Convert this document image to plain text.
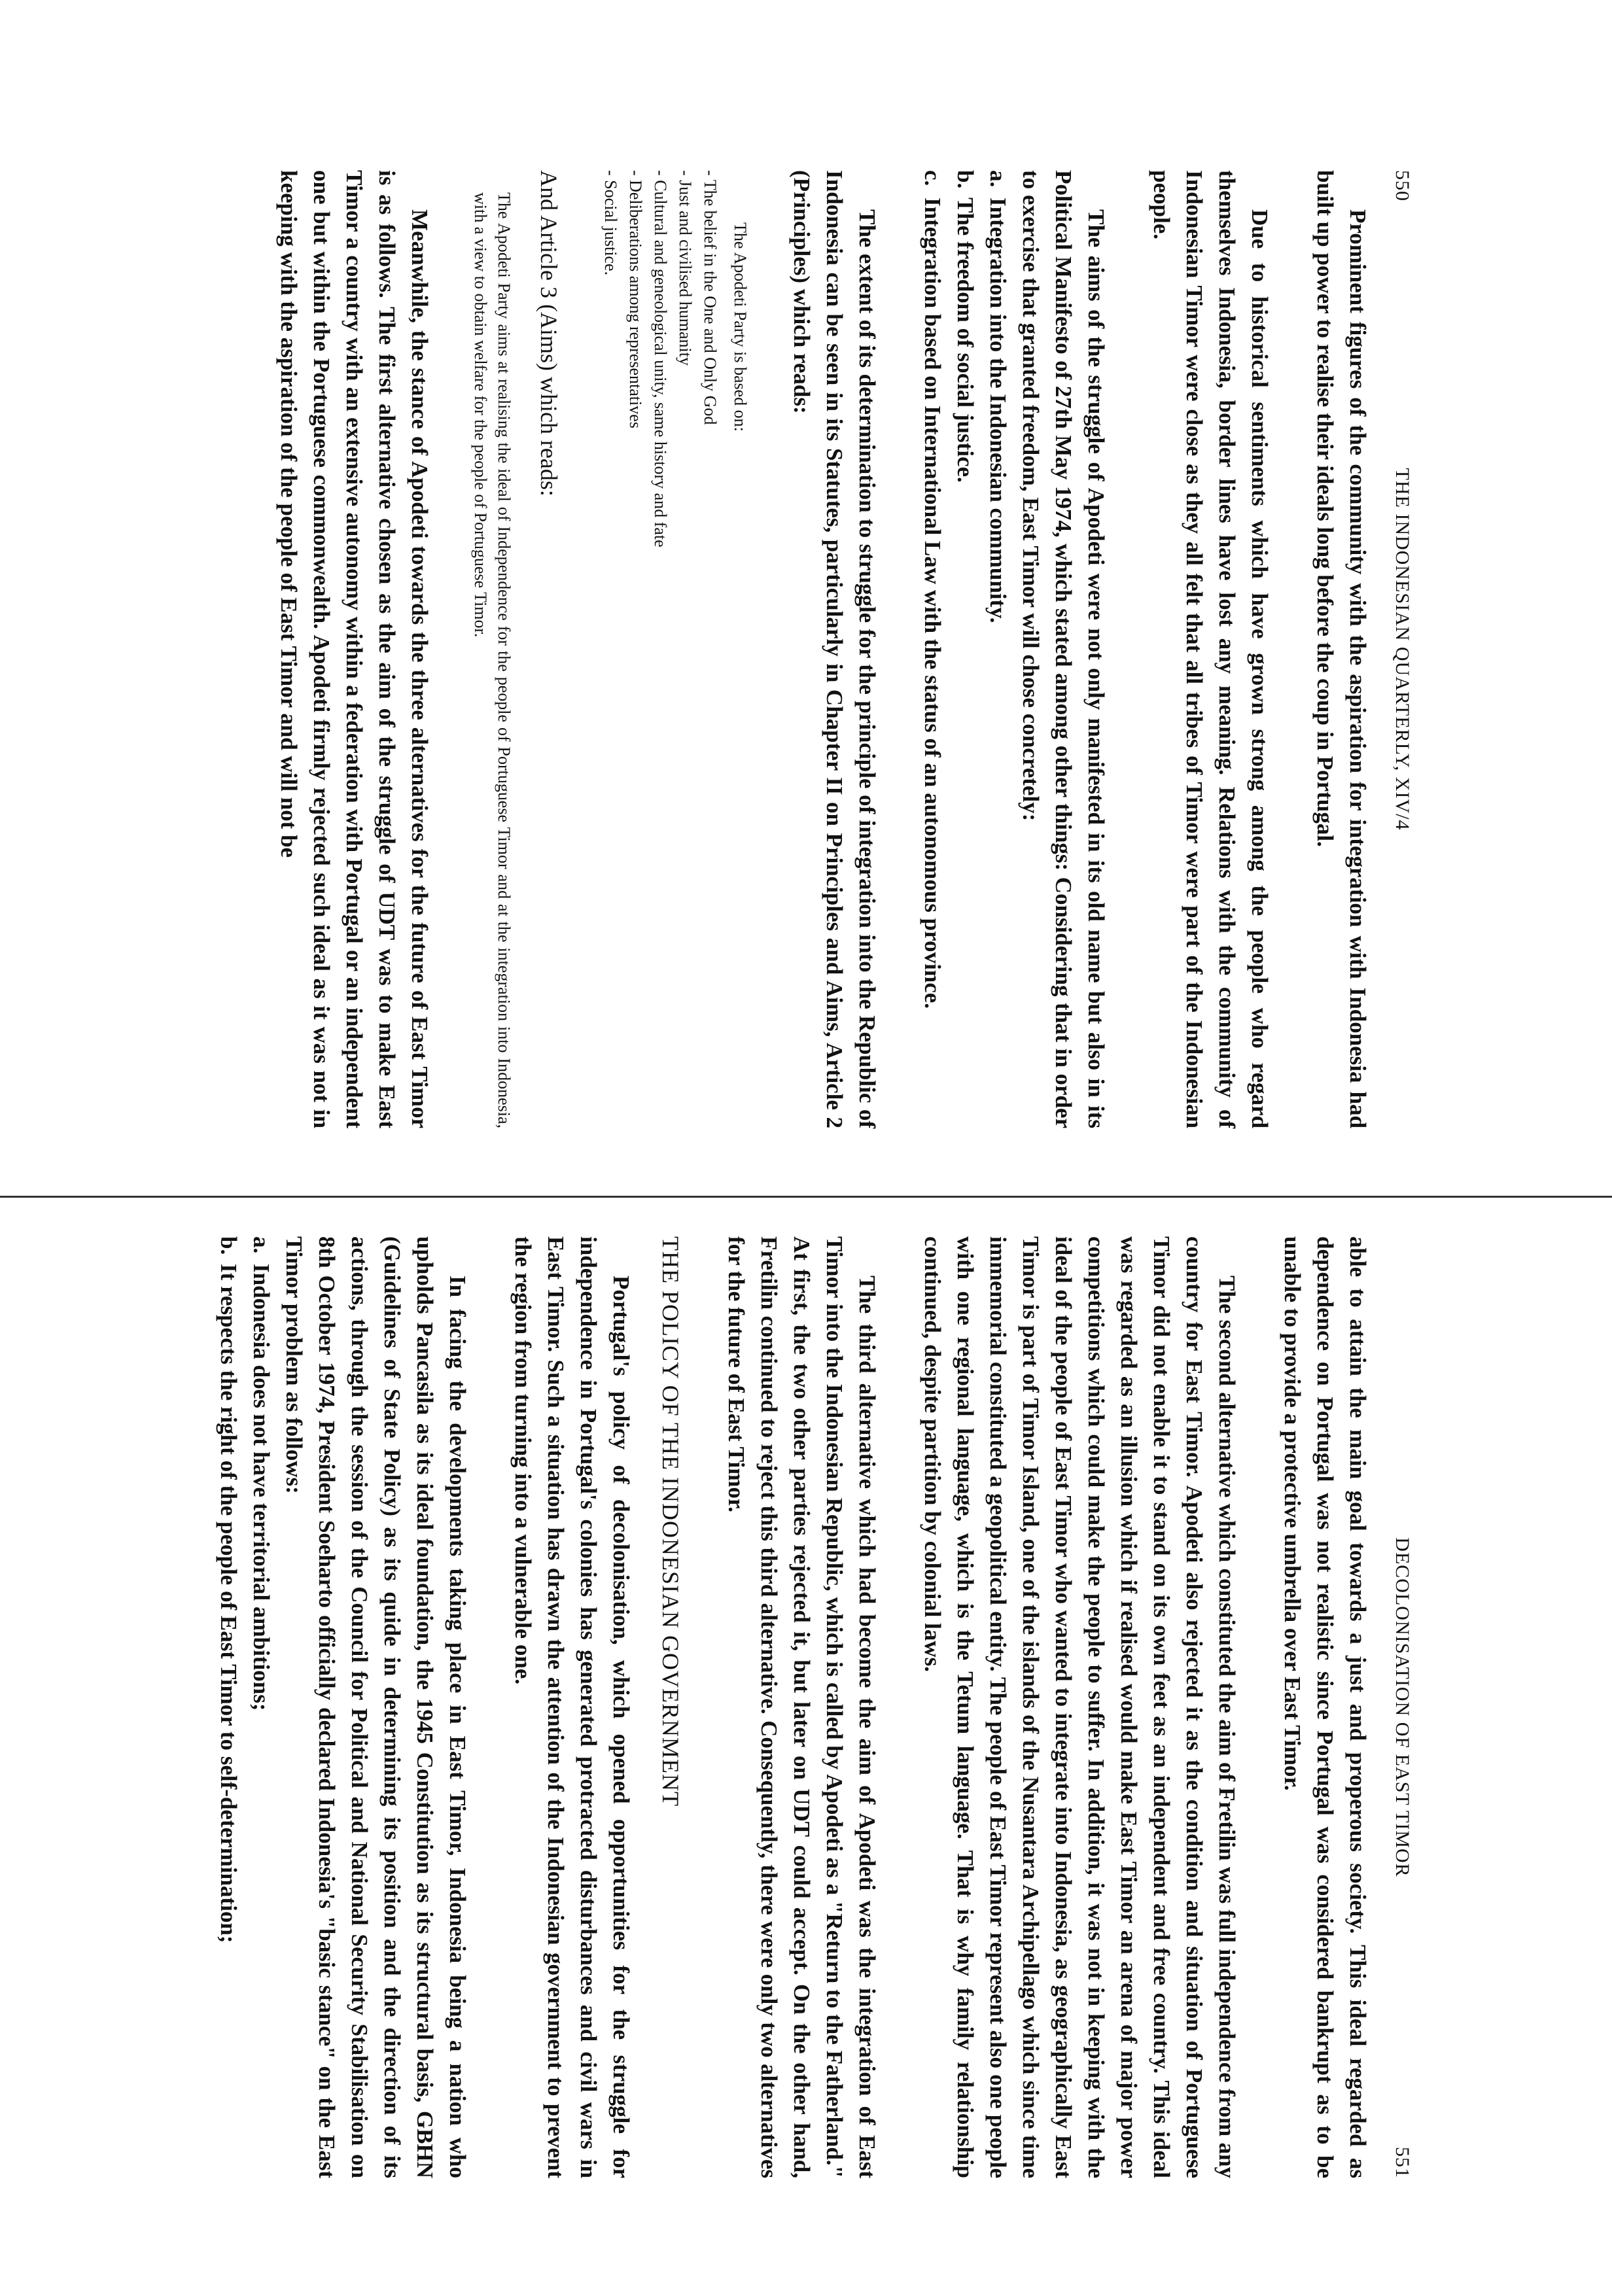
550
THE INDONESIAN QUARTERLY, XIV/4

Prominent figures of the community with the aspiration for integration with Indonesia had built up power to realise their ideals long before the coup in Portugal.

Due to historical sentiments which have grown strong among the people who regard themselves Indonesia, border lines have lost any meaning. Relations with the community of Indonesian Timor were close as they all felt that all tribes of Timor were part of the Indonesian people.

The aims of the struggle of Apodeti were not only manifested in its old name but also in its Political Manifesto of 27th May 1974, which stated among other things: Considering that in order to exercise that granted freedom, East Timor will chose concretely:

a.
Integration into the Indonesian community.
b.
The freedom of social justice.
c.
Integration based on International Law with the status of an autonomous province.

The extent of its determination to struggle for the principle of integration into the Republic of Indonesia can be seen in its Statutes, particularly in Chapter II on Principles and Aims, Article 2 (Principles) which reads:

The Apodeti Party is based on:
- The belief in the One and Only God
- Just and civilised humanity
- Cultural and geneological unity, same history and fate
- Deliberations among representatives
- Social justice.
And Article 3 (Aims) which reads:
The Apodeti Party aims at realising the ideal of Independence for the people of Portuguese Timor and at the integration into Indonesia, with a view to obtain welfare for the people of Portuguese Timor.

Meanwhile, the stance of Apodeti towards the three alternatives for the future of East Timor is as follows. The first alternative chosen as the aim of the struggle of UDT was to make East Timor a country with an extensive autonomy within a federation with Portugal or an independent one but within the Portuguese commonwealth. Apodeti firmly rejected such ideal as it was not in keeping with the aspiration of the people of East Timor and will not be

DECOLONISATION OF EAST TIMOR
551

able to attain the main goal towards a just and properous society. This ideal regarded as dependence on Portugal was not realistic since Portugal was considered bankrupt as to be unable to provide a protective umbrella over East Timor.

The second alternative which constituted the aim of Fretilin was full independence from any country for East Timor. Apodeti also rejected it as the condition and situation of Portuguese Timor did not enable it to stand on its own feet as an independent and free country. This ideal was regarded as an illusion which if realised would make East Timor an arena of major power competitions which could make the people to suffer. In addition, it was not in keeping with the ideal of the people of East Timor who wanted to integrate into Indonesia, as geographically East Timor is part of Timor Island, one of the islands of the Nusantara Archipellago which since time immemorial constituted a geopolitical entity. The people of East Timor represent also one people with one regional language, which is the Tetum language. That is why family relationship continued, despite partition by colonial laws.

The third alternative which had become the aim of Apodeti was the integration of East Timor into the Indonesian Republic, which is called by Apodeti as a "Return to the Fatherland." At first, the two other parties rejected it, but later on UDT could accept. On the other hand, Fretilin continued to reject this third alternative. Consequently, there were only two alternatives for the future of East Timor.

THE POLICY OF THE INDONESIAN GOVERNMENT

Portugal's policy of decolonisation, which opened opportunities for the struggle for independence in Portugal's colonies has generated protracted disturbances and civil wars in East Timor. Such a situation has drawn the attention of the Indonesian government to prevent the region from turning into a vulnerable one.

In facing the developments taking place in East Timor, Indonesia being a nation who upholds Pancasila as its ideal foundation, the 1945 Constitution as its structural basis, GBHN (Guidelines of State Policy) as its quide in determining its position and the direction of its actions, through the session of the Council for Political and National Security Stabilisation on 8th October 1974, President Soeharto officially declared Indonesia's "basic stance" on the East Timor problem as follows:

a.
Indonesia does not have territorial ambitions;
b.
It respects the right of the people of East Timor to self-determination;
